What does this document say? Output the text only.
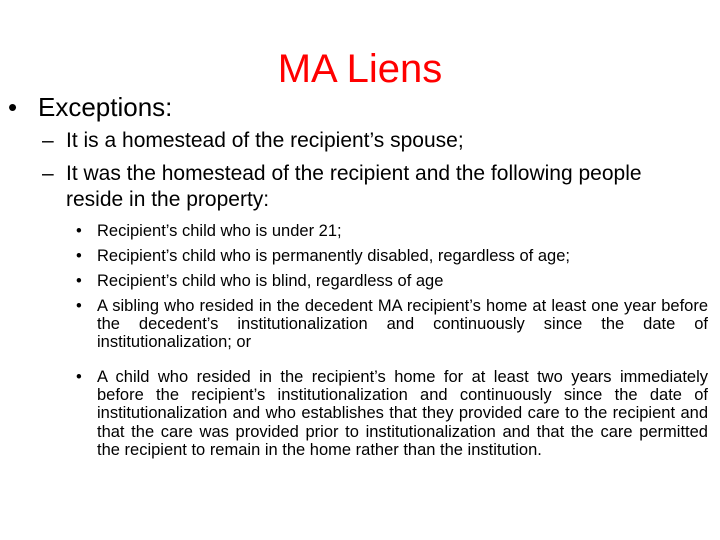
MA Liens
• Exceptions:
– It is a homestead of the recipient’s spouse;
– It was the homestead of the recipient and the following people reside in the property:
• Recipient’s child who is under 21;
• Recipient’s child who is permanently disabled, regardless of age;
• Recipient’s child who is blind, regardless of age
• A sibling who resided in the decedent MA recipient’s home at least one year before the decedent’s institutionalization and continuously since the date of institutionalization; or
• A child who resided in the recipient’s home for at least two years immediately before the recipient’s institutionalization and continuously since the date of institutionalization and who establishes that they provided care to the recipient and that the care was provided prior to institutionalization and that the care permitted the recipient to remain in the home rather than the institution.
